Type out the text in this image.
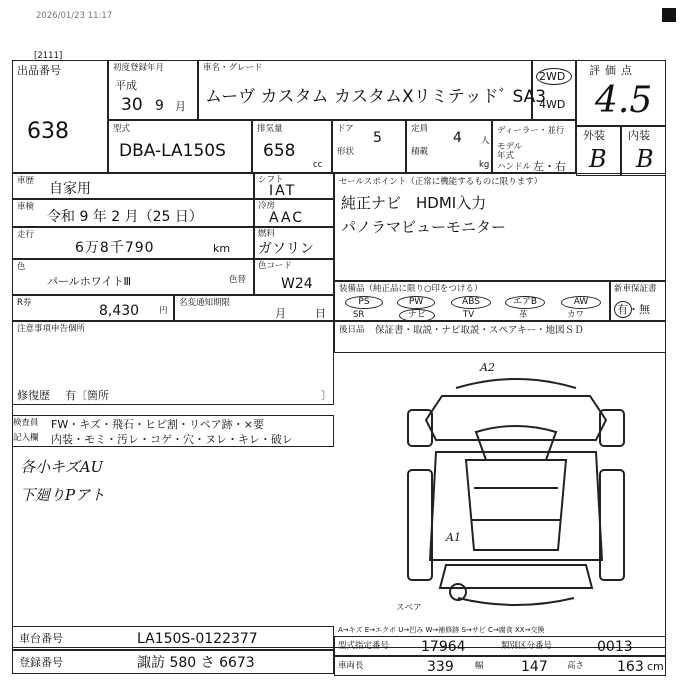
2026/01/23 11:17
[2111]
出品番号
638
初度登録年月
平成
30 9 月
車名・グレード
ムーヴ カスタム カスタムXリミテッドﾞ SA3
2WD
4WD
評価点
4.5
外装
B
内装
B
型式
DBA-LA150S
排気量
658
cc
ドア
5
形状
定員
4 人
積載
kg
ディーラー・並行
モデル年式
ハンドル 左・右
車歴 自家用
シフト
IAT
車検
令和 9 年 2 月（25 日）
冷房
AAC
走行
6万8千790	km
燃料
ガソリン
色
パールホワイトⅢ	色替
色コード
W24
R券	8,430 円
名変通知期限
月	日
注意事項申告個所
修復歴 有〔箇所	〕
セールスポイント（正常に機能するものに限ります）
純正ナビ　HDMI入力
パノラマビューモニター
装備品（純正品に限り○印をつける）
PS	PW	ABS	エアB	AW
SR	ナビ	TV	革	カワ
新車保証書
有・無
後日品 保証書・取説・ナビ取説・スペアキー・地図ＳＤ
検査員
記入欄
FW・キズ・飛石・ヒビ割・リペア跡・×要
内装・モミ・汚レ・コゲ・穴・ヌレ・キレ・破レ
各小キズAU
下廻りPアト
A2
A1
スペア
車台番号	LA150S-0122377
登録番号	諏訪 580 さ 6673
A→キズ E→エクボ U→凹み W→補修跡 S→サビ C→腐食 XX→交換
型式指定番号 17964	類別区分番号	0013
車両長	339	幅	147 高さ 163 cm
